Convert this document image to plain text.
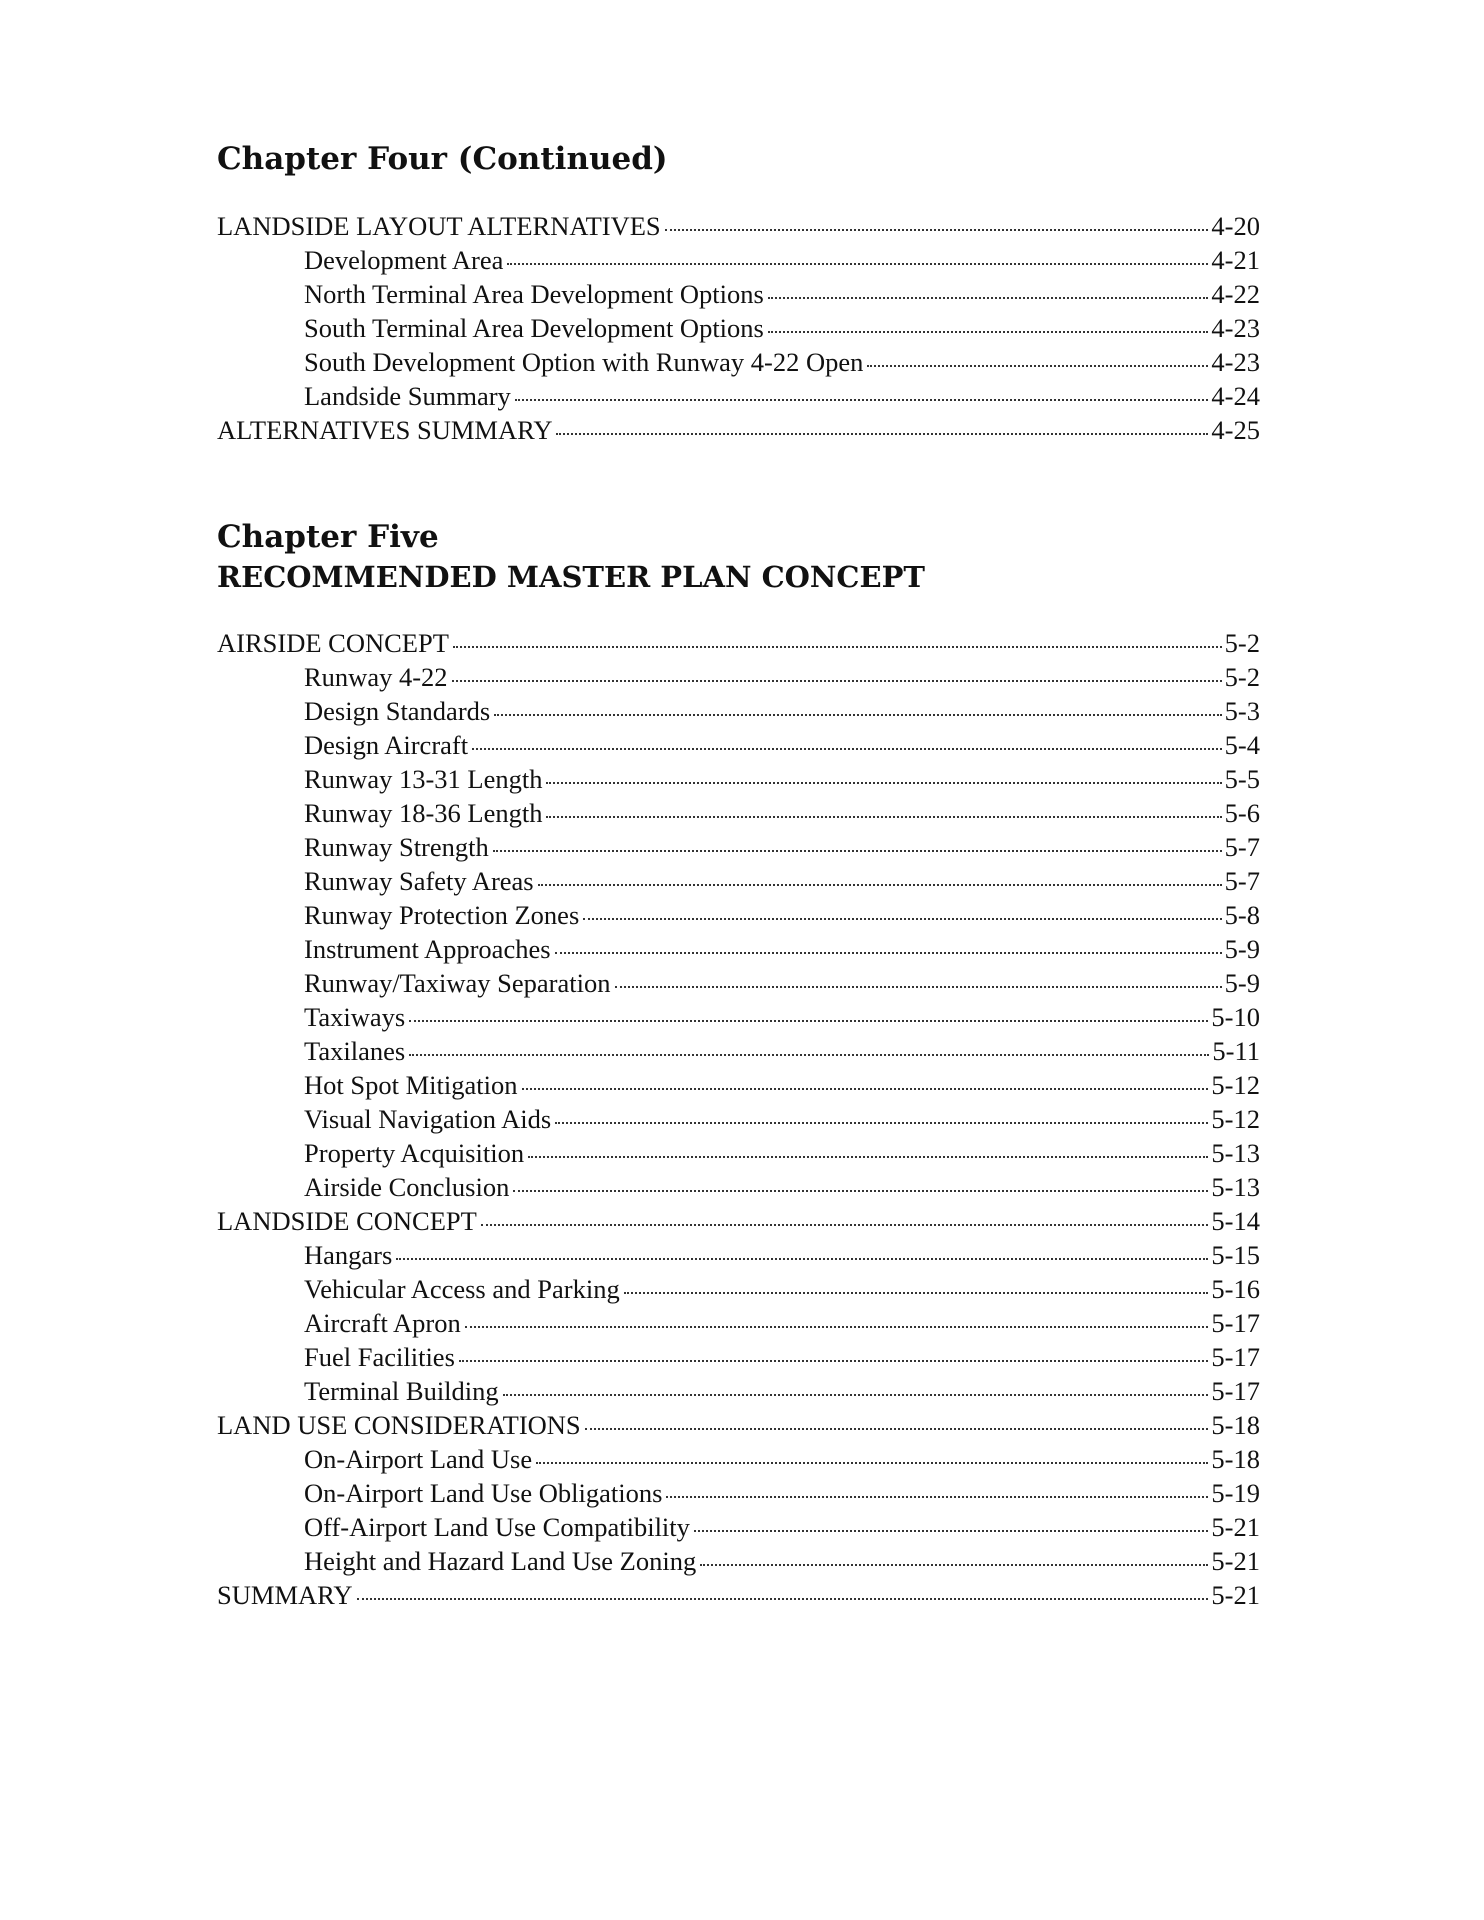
Chapter Four (Continued)
LANDSIDE LAYOUT ALTERNATIVES	4-20
Development Area	4-21
North Terminal Area Development Options	4-22
South Terminal Area Development Options	4-23
South Development Option with Runway 4-22 Open	4-23
Landside Summary	4-24
ALTERNATIVES SUMMARY	4-25
Chapter Five
RECOMMENDED MASTER PLAN CONCEPT
AIRSIDE CONCEPT	5-2
Runway 4-22	5-2
Design Standards	5-3
Design Aircraft	5-4
Runway 13-31 Length	5-5
Runway 18-36 Length	5-6
Runway Strength	5-7
Runway Safety Areas	5-7
Runway Protection Zones	5-8
Instrument Approaches	5-9
Runway/Taxiway Separation	5-9
Taxiways	5-10
Taxilanes	5-11
Hot Spot Mitigation	5-12
Visual Navigation Aids	5-12
Property Acquisition	5-13
Airside Conclusion	5-13
LANDSIDE CONCEPT	5-14
Hangars	5-15
Vehicular Access and Parking	5-16
Aircraft Apron	5-17
Fuel Facilities	5-17
Terminal Building	5-17
LAND USE CONSIDERATIONS	5-18
On-Airport Land Use	5-18
On-Airport Land Use Obligations	5-19
Off-Airport Land Use Compatibility	5-21
Height and Hazard Land Use Zoning	5-21
SUMMARY	5-21
